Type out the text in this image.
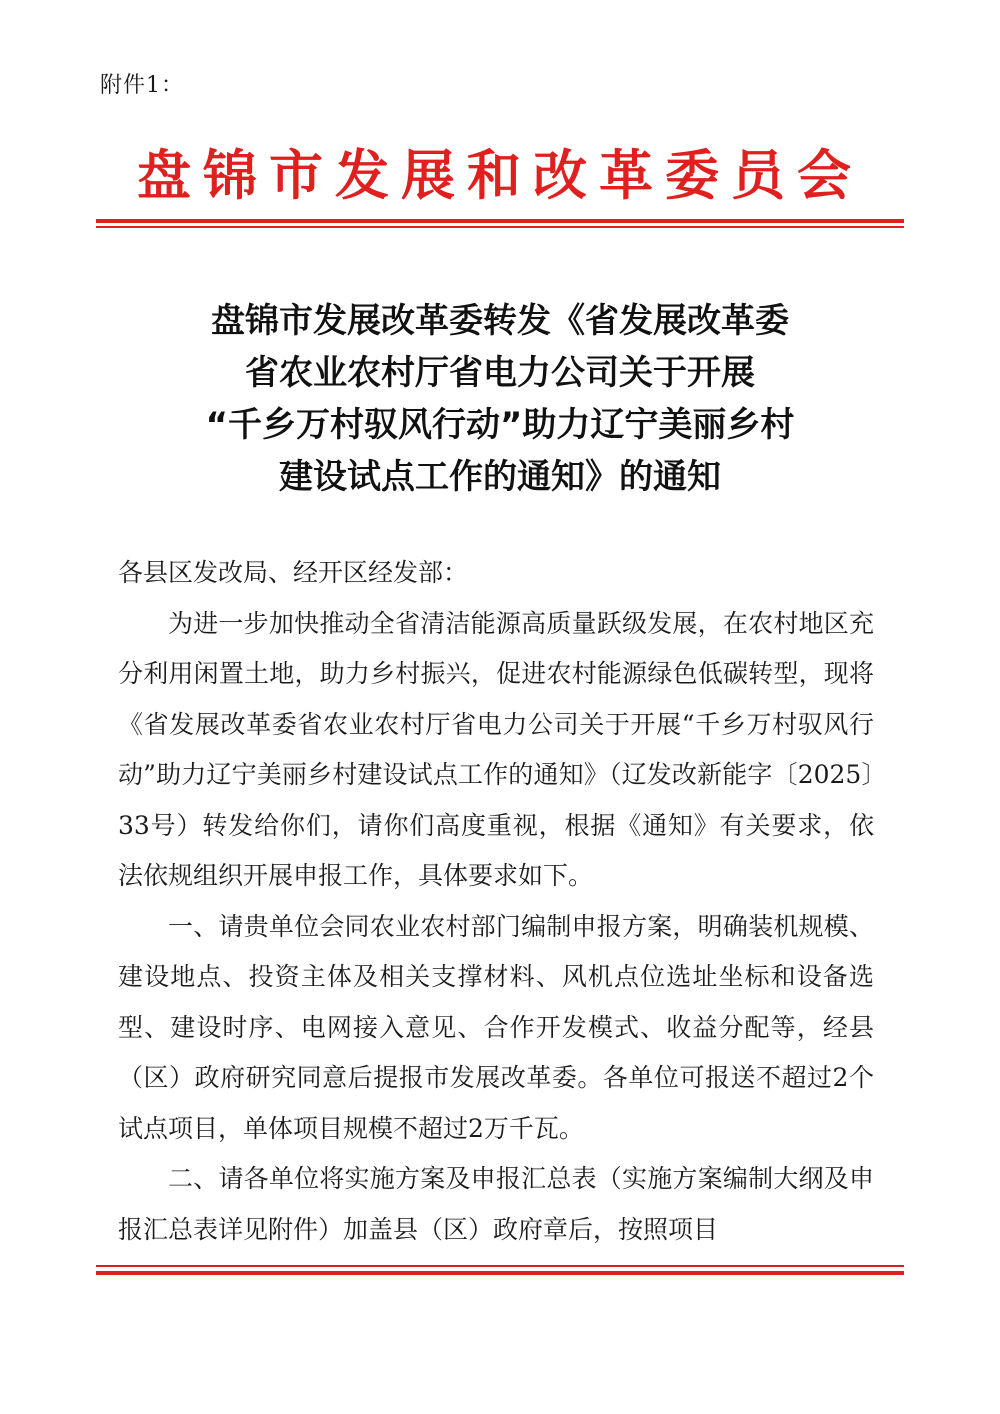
附件1：
盘锦市发展和改革委员会
盘锦市发展改革委转发《省发展改革委
省农业农村厅省电力公司关于开展
“千乡万村驭风行动”助力辽宁美丽乡村
建设试点工作的通知》的通知

各县区发改局、经开区经发部：

为进一步加快推动全省清洁能源高质量跃级发展，在农村地区充分利用闲置土地，助力乡村振兴，促进农村能源绿色低碳转型，现将《省发展改革委省农业农村厅省电力公司关于开展“千乡万村驭风行动”助力辽宁美丽乡村建设试点工作的通知》（辽发改新能字〔2025〕33号）转发给你们，请你们高度重视，根据《通知》有关要求，依法依规组织开展申报工作，具体要求如下。

一、请贵单位会同农业农村部门编制申报方案，明确装机规模、建设地点、投资主体及相关支撑材料、风机点位选址坐标和设备选型、建设时序、电网接入意见、合作开发模式、收益分配等，经县（区）政府研究同意后提报市发展改革委。各单位可报送不超过2个试点项目，单体项目规模不超过2万千瓦。

二、请各单位将实施方案及申报汇总表（实施方案编制大纲及申报汇总表详见附件）加盖县（区）政府章后，按照项目
